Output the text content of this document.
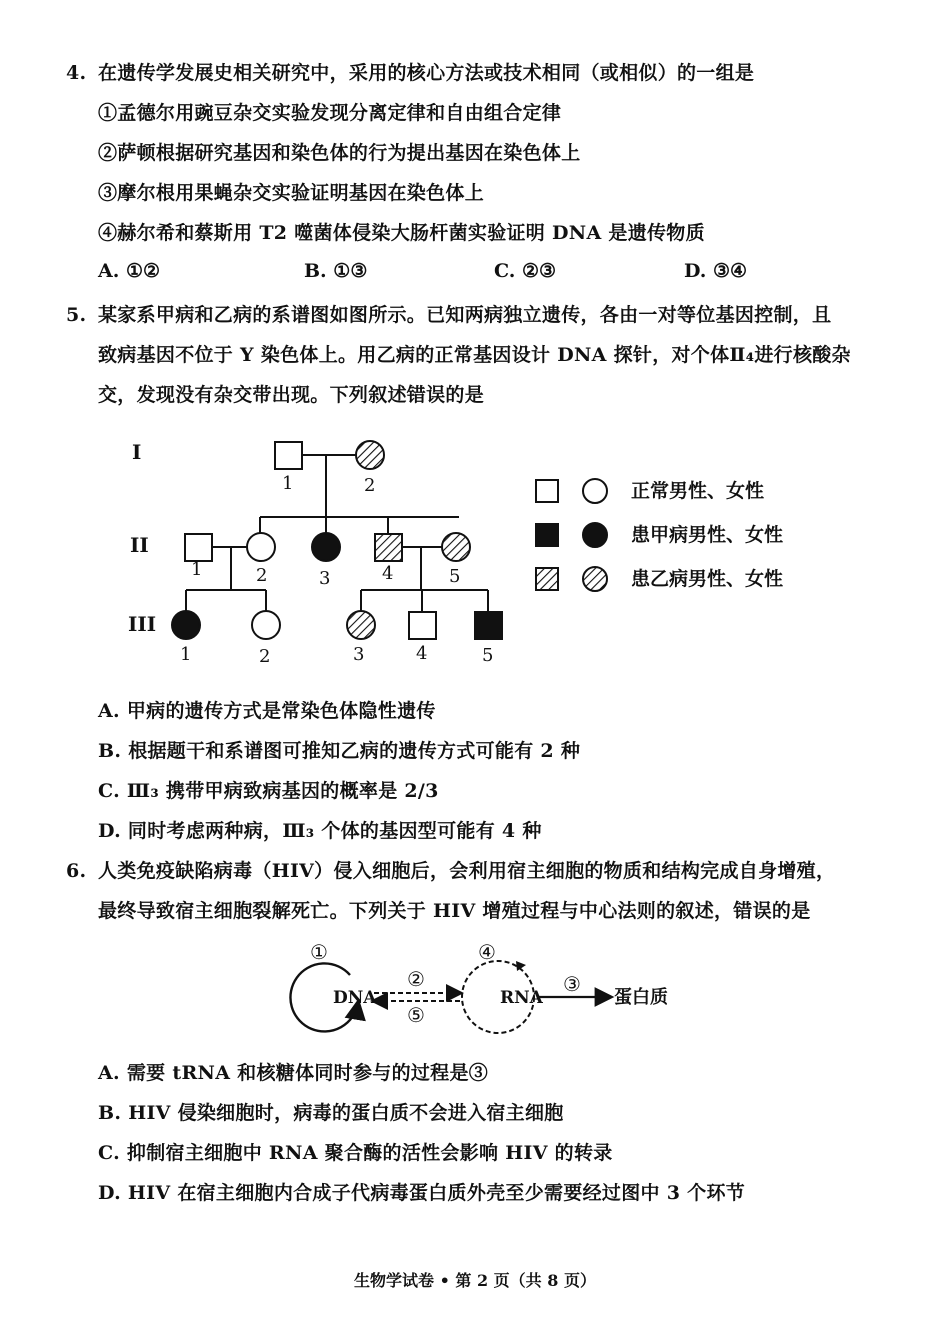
4. 在遗传学发展史相关研究中，采用的核心方法或技术相同（或相似）的一组是
①孟德尔用豌豆杂交实验发现分离定律和自由组合定律
②萨顿根据研究基因和染色体的行为提出基因在染色体上
③摩尔根用果蝇杂交实验证明基因在染色体上
④赫尔希和蔡斯用 T2 噬菌体侵染大肠杆菌实验证明 DNA 是遗传物质
A. ①②	B. ①③	C. ②③	D. ③④
5. 某家系甲病和乙病的系谱图如图所示。已知两病独立遗传，各由一对等位基因控制，且
致病基因不位于 Y 染色体上。用乙病的正常基因设计 DNA 探针，对个体Ⅱ₄进行核酸杂
交，发现没有杂交带出现。下列叙述错误的是
I
II
III
1	2
1	2	3	4	5
1	2	3	4	5
正常男性、女性
患甲病男性、女性
患乙病男性、女性
A. 甲病的遗传方式是常染色体隐性遗传
B. 根据题干和系谱图可推知乙病的遗传方式可能有 2 种
C. Ⅲ₃ 携带甲病致病基因的概率是 2/3
D. 同时考虑两种病，Ⅲ₃ 个体的基因型可能有 4 种
6. 人类免疫缺陷病毒（HIV）侵入细胞后，会利用宿主细胞的物质和结构完成自身增殖，
最终导致宿主细胞裂解死亡。下列关于 HIV 增殖过程与中心法则的叙述，错误的是
①
DNA
②
⑤
④
RNA
③
蛋白质
A. 需要 tRNA 和核糖体同时参与的过程是③
B. HIV 侵染细胞时，病毒的蛋白质不会进入宿主细胞
C. 抑制宿主细胞中 RNA 聚合酶的活性会影响 HIV 的转录
D. HIV 在宿主细胞内合成子代病毒蛋白质外壳至少需要经过图中 3 个环节
生物学试卷 • 第 2 页（共 8 页）
